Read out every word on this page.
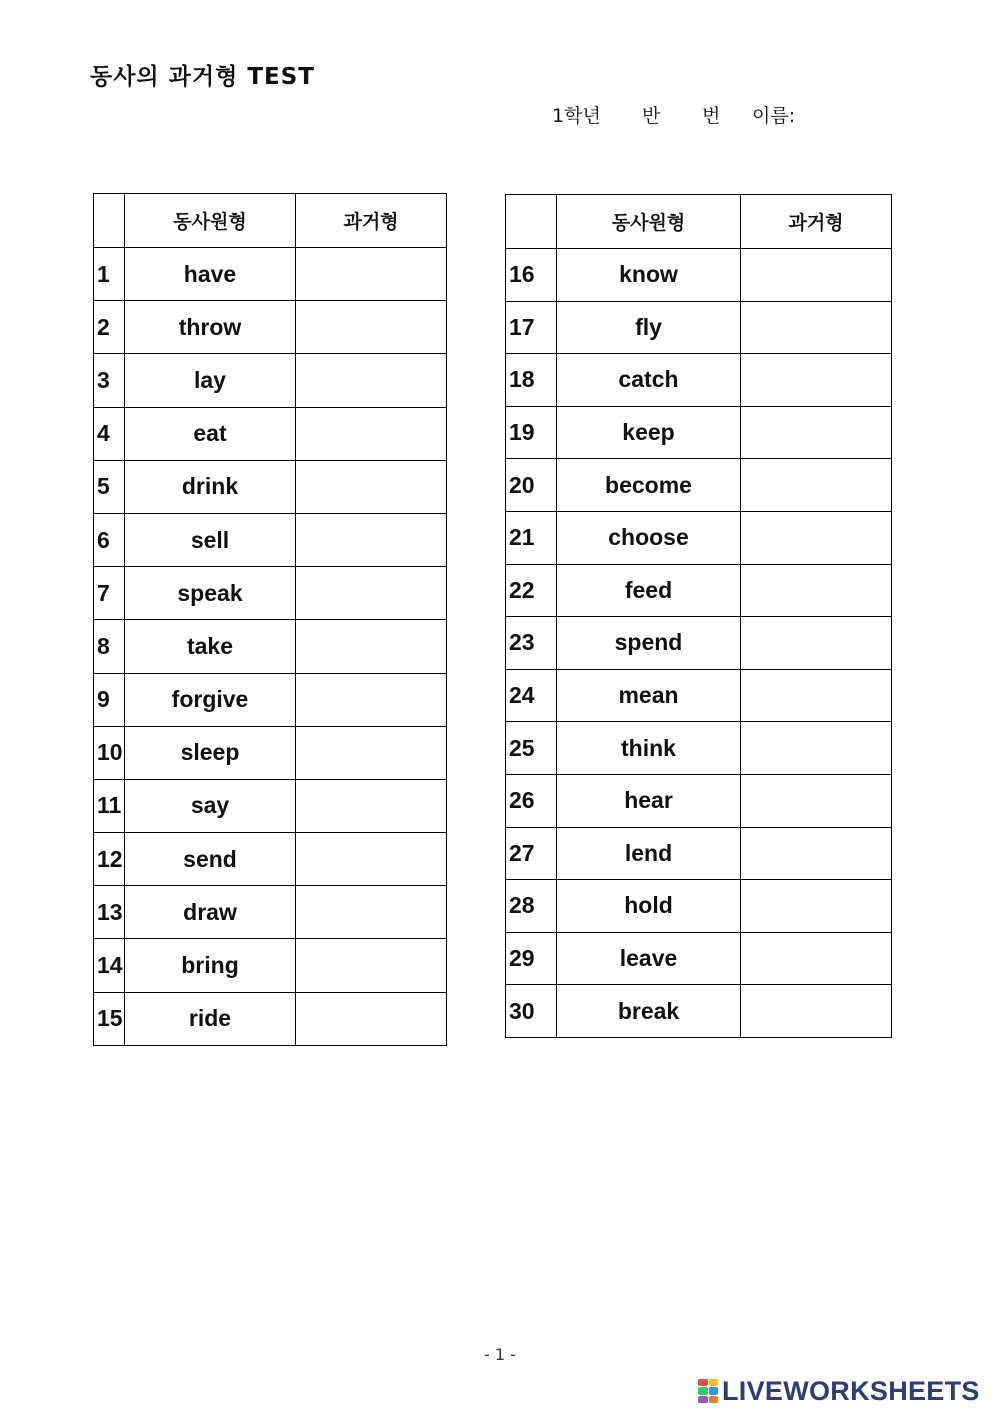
동사의 과거형 TEST
1학년	반	번	이름:
	동사원형	과거형
1	have	
2	throw	
3	lay	
4	eat	
5	drink	
6	sell	
7	speak	
8	take	
9	forgive	
10	sleep	
11	say	
12	send	
13	draw	
14	bring	
15	ride	
	동사원형	과거형
16	know	
17	fly	
18	catch	
19	keep	
20	become	
21	choose	
22	feed	
23	spend	
24	mean	
25	think	
26	hear	
27	lend	
28	hold	
29	leave	
30	break	
- 1 -
LIVEWORKSHEETS
